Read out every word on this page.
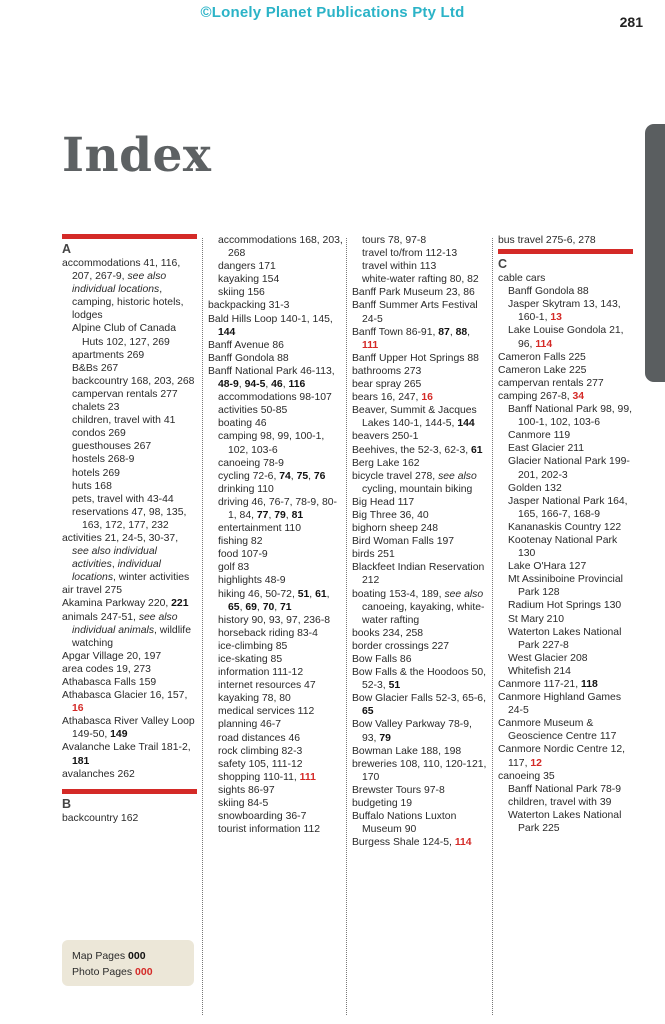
©Lonely Planet Publications Pty Ltd
281
Index
A
accommodations 41, 116, 207, 267-9, see also individual locations, camping, historic hotels, lodges
Alpine Club of Canada Huts 102, 127, 269
apartments 269
B&Bs 267
backcountry 168, 203, 268
campervan rentals 277
chalets 23
children, travel with 41
condos 269
guesthouses 267
hostels 268-9
hotels 269
huts 168
pets, travel with 43-44
reservations 47, 98, 135, 163, 172, 177, 232
activities 21, 24-5, 30-37, see also individual activities, individual locations, winter activities
air travel 275
Akamina Parkway 220, 221
animals 247-51, see also individual animals, wildlife watching
Apgar Village 20, 197
area codes 19, 273
Athabasca Falls 159
Athabasca Glacier 16, 157, 16
Athabasca River Valley Loop 149-50, 149
Avalanche Lake Trail 181-2, 181
avalanches 262
B
backcountry 162
accommodations 168, 203, 268
dangers 171
kayaking 154
skiing 156
backpacking 31-3
Bald Hills Loop 140-1, 145, 144
Banff Avenue 86
Banff Gondola 88
Banff National Park 46-113, 48-9, 94-5, 46, 116
accommodations 98-107
activities 50-85
boating 46
camping 98, 99, 100-1, 102, 103-6
canoeing 78-9
cycling 72-6, 74, 75, 76
drinking 110
driving 46, 76-7, 78-9, 80-1, 84, 77, 79, 81
entertainment 110
fishing 82
food 107-9
golf 83
highlights 48-9
hiking 46, 50-72, 51, 61, 65, 69, 70, 71
history 90, 93, 97, 236-8
horseback riding 83-4
ice-climbing 85
ice-skating 85
information 111-12
internet resources 47
kayaking 78, 80
medical services 112
planning 46-7
road distances 46
rock climbing 82-3
safety 105, 111-12
shopping 110-11, 111
sights 86-97
skiing 84-5
snowboarding 36-7
tourist information 112
tours 78, 97-8
travel to/from 112-13
travel within 113
white-water rafting 80, 82
Banff Park Museum 23, 86
Banff Summer Arts Festival 24-5
Banff Town 86-91, 87, 88, 111
Banff Upper Hot Springs 88
bathrooms 273
bear spray 265
bears 16, 247, 16
Beaver, Summit & Jacques Lakes 140-1, 144-5, 144
beavers 250-1
Beehives, the 52-3, 62-3, 61
Berg Lake 162
bicycle travel 278, see also cycling, mountain biking
Big Head 117
Big Three 36, 40
bighorn sheep 248
Bird Woman Falls 197
birds 251
Blackfeet Indian Reservation 212
boating 153-4, 189, see also canoeing, kayaking, white-water rafting
books 234, 258
border crossings 227
Bow Falls 86
Bow Falls & the Hoodoos 50, 52-3, 51
Bow Glacier Falls 52-3, 65-6, 65
Bow Valley Parkway 78-9, 93, 79
Bowman Lake 188, 198
breweries 108, 110, 120-121, 170
Brewster Tours 97-8
budgeting 19
Buffalo Nations Luxton Museum 90
Burgess Shale 124-5, 114
bus travel 275-6, 278
C
cable cars
Banff Gondola 88
Jasper Skytram 13, 143, 160-1, 13
Lake Louise Gondola 21, 96, 114
Cameron Falls 225
Cameron Lake 225
campervan rentals 277
camping 267-8, 34
Banff National Park 98, 99, 100-1, 102, 103-6
Canmore 119
East Glacier 211
Glacier National Park 199-201, 202-3
Golden 132
Jasper National Park 164, 165, 166-7, 168-9
Kananaskis Country 122
Kootenay National Park 130
Lake O'Hara 127
Mt Assiniboine Provincial Park 128
Radium Hot Springs 130
St Mary 210
Waterton Lakes National Park 227-8
West Glacier 208
Whitefish 214
Canmore 117-21, 118
Canmore Highland Games 24-5
Canmore Museum & Geoscience Centre 117
Canmore Nordic Centre 12, 117, 12
canoeing 35
Banff National Park 78-9
children, travel with 39
Waterton Lakes National Park 225
Map Pages 000
Photo Pages 000
